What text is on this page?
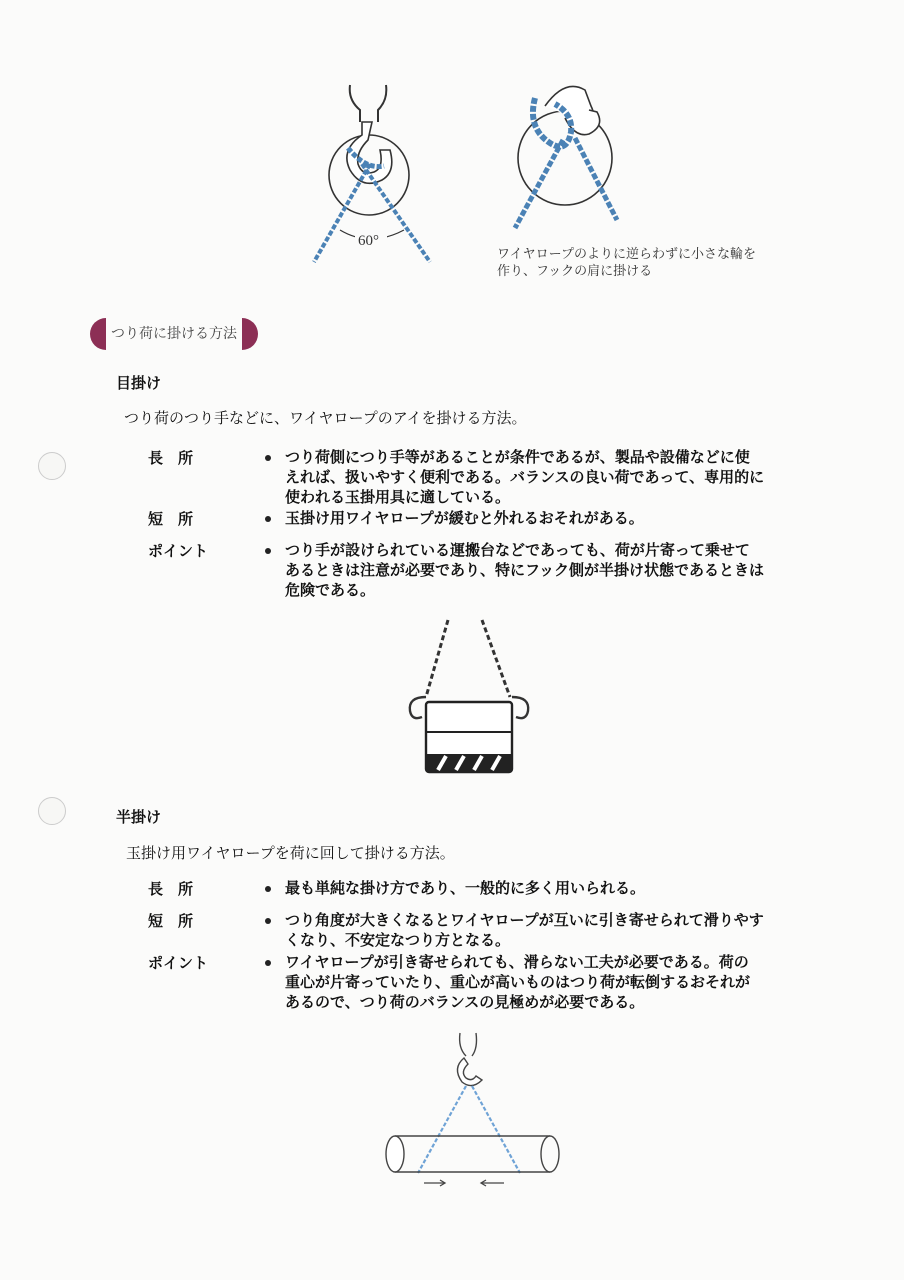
60°
ワイヤロープのよりに逆らわずに小さな輪を
作り、フックの肩に掛ける
つり荷に掛ける方法
目掛け
つり荷のつり手などに、ワイヤロープのアイを掛ける方法。
長　所	つり荷側につり手等があることが条件であるが、製品や設備などに使
えれば、扱いやすく便利である。バランスの良い荷であって、専用的に
使われる玉掛用具に適している。
短　所	玉掛け用ワイヤロープが緩むと外れるおそれがある。
ポイント	つり手が設けられている運搬台などであっても、荷が片寄って乗せて
あるときは注意が必要であり、特にフック側が半掛け状態であるときは
危険である。
半掛け
玉掛け用ワイヤロープを荷に回して掛ける方法。
長　所	最も単純な掛け方であり、一般的に多く用いられる。
短　所	つり角度が大きくなるとワイヤロープが互いに引き寄せられて滑りやす
くなり、不安定なつり方となる。
ポイント	ワイヤロープが引き寄せられても、滑らない工夫が必要である。荷の
重心が片寄っていたり、重心が高いものはつり荷が転倒するおそれが
あるので、つり荷のバランスの見極めが必要である。
